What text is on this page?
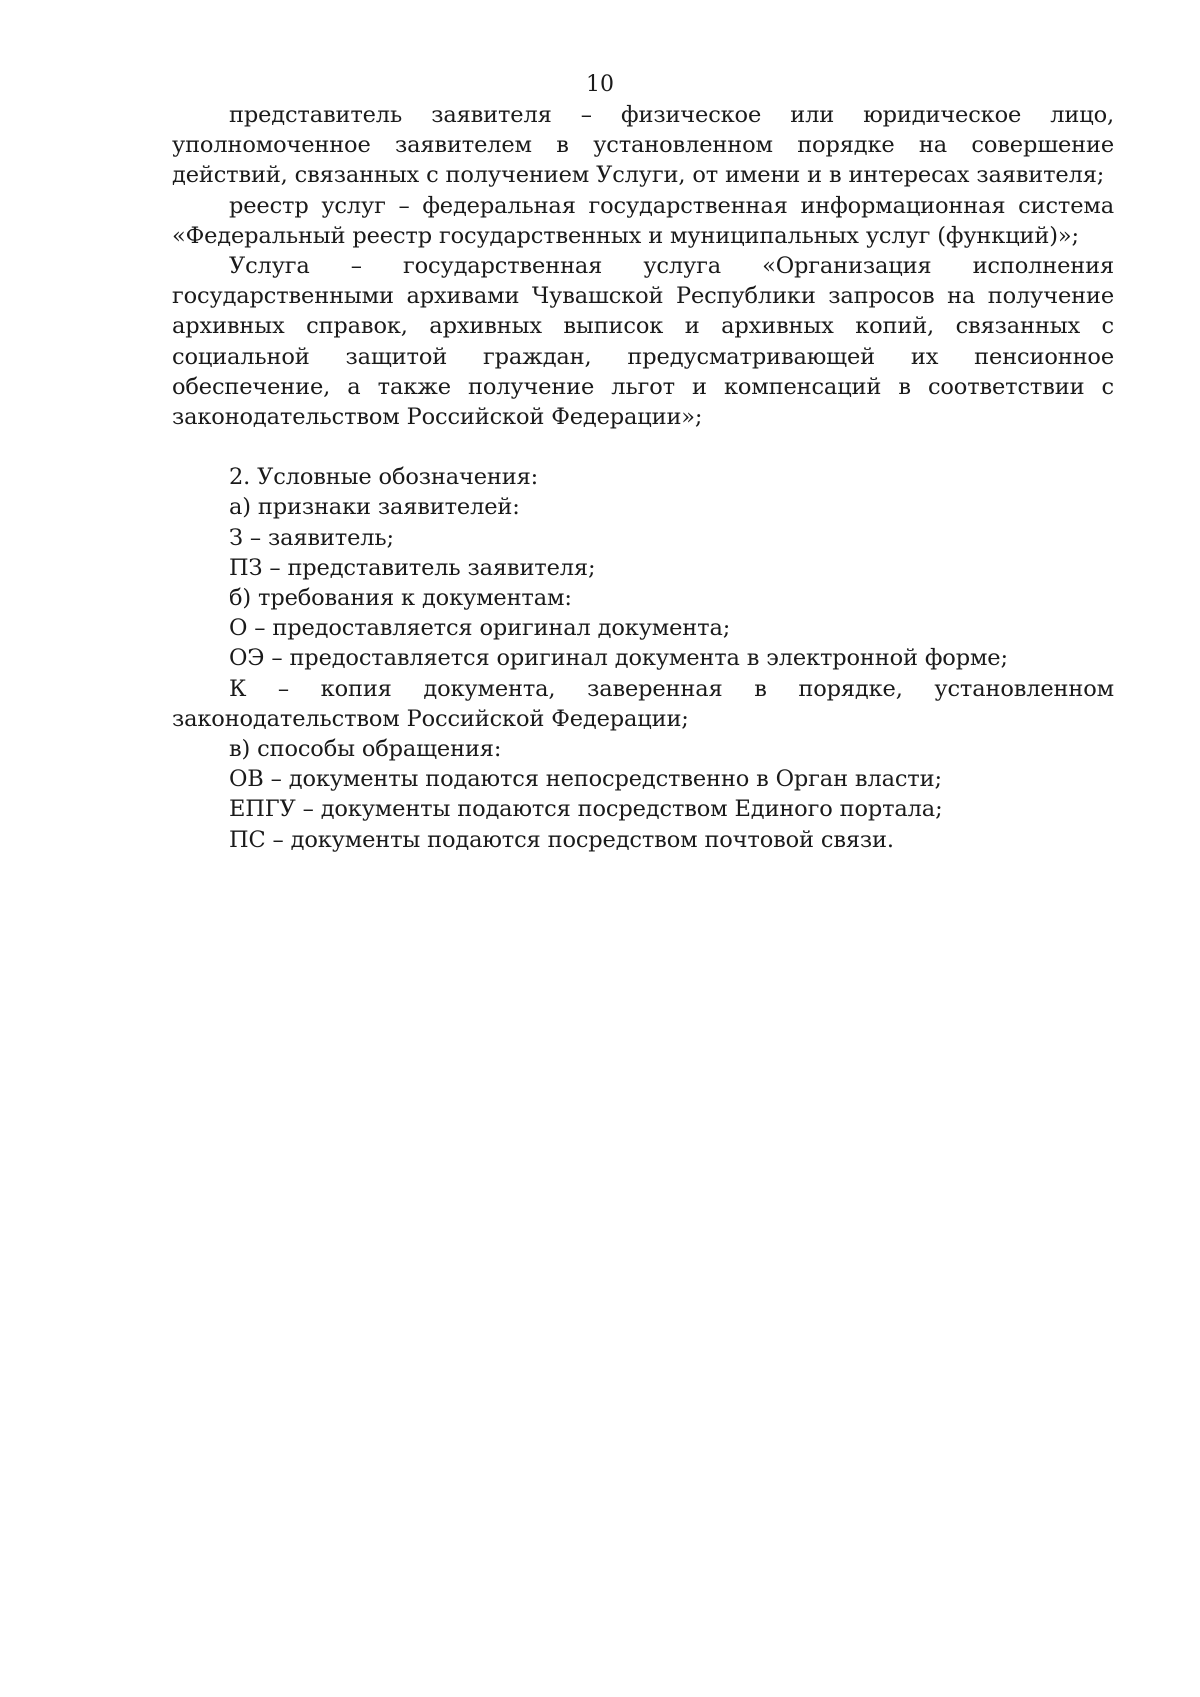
10

представитель заявителя – физическое или юридическое лицо, уполномоченное заявителем в установленном порядке на совершение действий, связанных с получением Услуги, от имени и в интересах заявителя;

реестр услуг – федеральная государственная информационная система «Федеральный реестр государственных и муниципальных услуг (функций)»;

Услуга – государственная услуга «Организация исполнения государственными архивами Чувашской Республики запросов на получение архивных справок, архивных выписок и архивных копий, связанных с социальной защитой граждан, предусматривающей их пенсионное обеспечение, а также получение льгот и компенсаций в соответствии с законодательством Российской Федерации»;

2. Условные обозначения:

а) признаки заявителей:

З – заявитель;

ПЗ – представитель заявителя;

б) требования к документам:

О – предоставляется оригинал документа;

ОЭ – предоставляется оригинал документа в электронной форме;

К – копия документа, заверенная в порядке, установленном законодательством Российской Федерации;

в) способы обращения:

ОВ – документы подаются непосредственно в Орган власти;

ЕПГУ – документы подаются посредством Единого портала;

ПС – документы подаются посредством почтовой связи.
